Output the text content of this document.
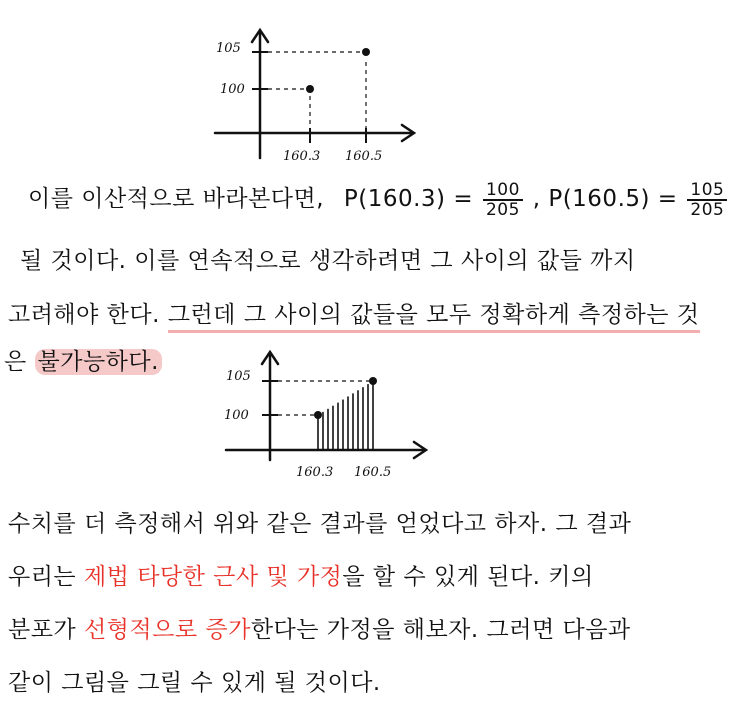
105
100
160.3 160.5
이를 이산적으로 바라본다면, $P(160.3) = \frac{100}{205}$ , $P(160.5) = \frac{105}{205}$
될 것이다. 이를 연속적으로 생각하려면 그 사이의 값들 까지
고려해야 한다. 그런데 그 사이의 값들을 모두 정확하게 측정하는 것
은 불가능하다.
105
100
160.3 160.5
수치를 더 측정해서 위와 같은 결과를 얻었다고 하자. 그 결과
우리는 제법 타당한 근사 및 가정을 할 수 있게 된다. 키의
분포가 선형적으로 증가한다는 가정을 해보자. 그러면 다음과
같이 그림을 그릴 수 있게 될 것이다.
